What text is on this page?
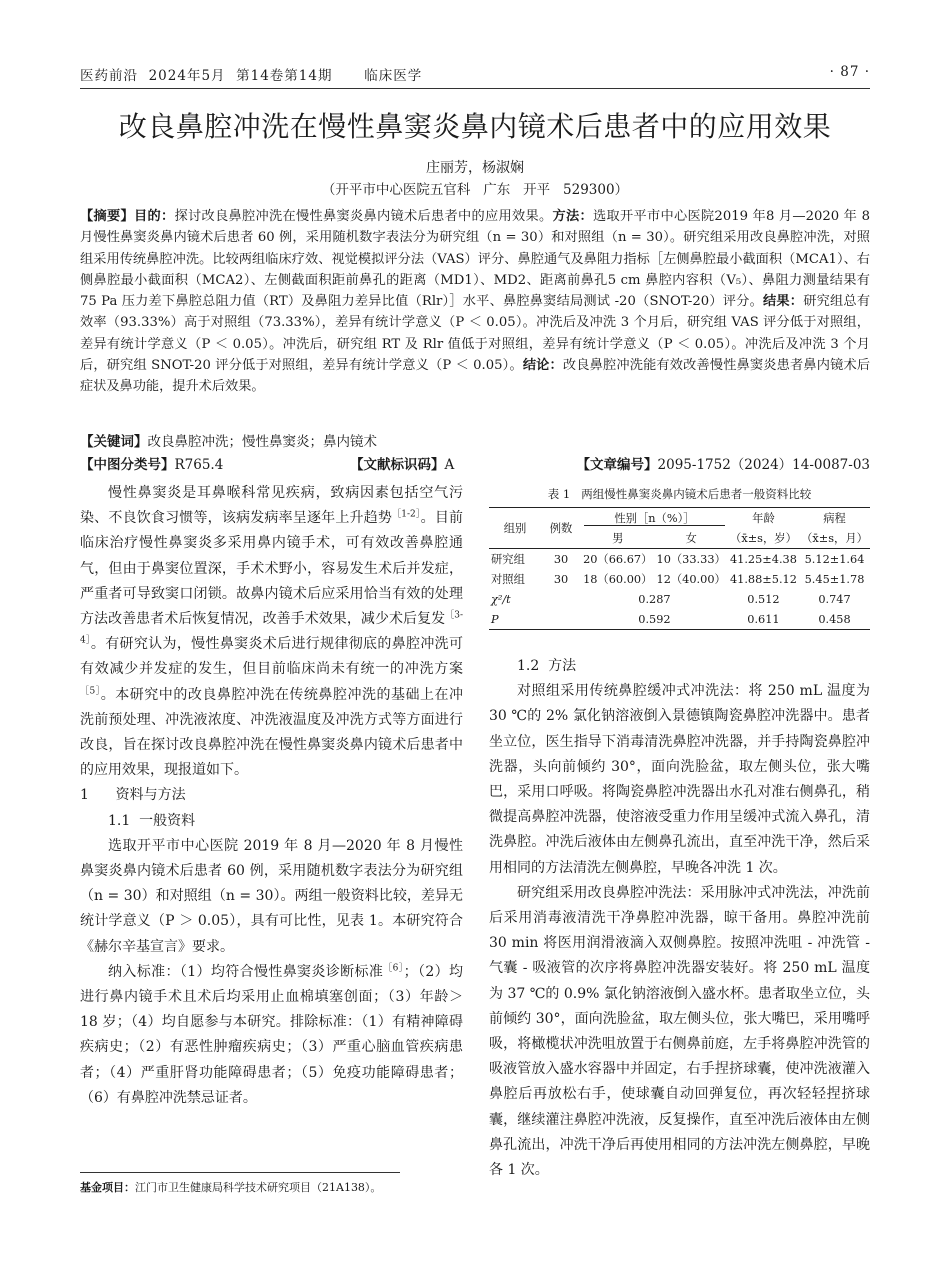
医药前沿  2024年5月  第14卷第14期      临床医学	· 87 ·
改良鼻腔冲洗在慢性鼻窦炎鼻内镜术后患者中的应用效果
庄丽芳，杨淑娴
（开平市中心医院五官科   广东   开平   529300）
【摘要】目的：探讨改良鼻腔冲洗在慢性鼻窦炎鼻内镜术后患者中的应用效果。方法：选取开平市中心医院2019 年8 月—2020 年 8 月慢性鼻窦炎鼻内镜术后患者 60 例，采用随机数字表法分为研究组（n = 30）和对照组（n = 30）。研究组采用改良鼻腔冲洗，对照组采用传统鼻腔冲洗。比较两组临床疗效、视觉模拟评分法（VAS）评分、鼻腔通气及鼻阻力指标［左侧鼻腔最小截面积（MCA1）、右侧鼻腔最小截面积（MCA2）、左侧截面积距前鼻孔的距离（MD1）、MD2、距离前鼻孔5 cm 鼻腔内容积（V₅）、鼻阻力测量结果有 75 Pa 压力差下鼻腔总阻力值（RT）及鼻阻力差异比值（Rlr）］水平、鼻腔鼻窦结局测试 -20（SNOT-20）评分。结果：研究组总有效率（93.33%）高于对照组（73.33%），差异有统计学意义（P ＜ 0.05）。冲洗后及冲洗 3 个月后，研究组 VAS 评分低于对照组，差异有统计学意义（P ＜ 0.05）。冲洗后，研究组 RT 及 Rlr 值低于对照组，差异有统计学意义（P ＜ 0.05）。冲洗后及冲洗 3 个月后，研究组 SNOT-20 评分低于对照组，差异有统计学意义（P ＜ 0.05）。结论：改良鼻腔冲洗能有效改善慢性鼻窦炎患者鼻内镜术后症状及鼻功能，提升术后效果。
【关键词】改良鼻腔冲洗；慢性鼻窦炎；鼻内镜术
【中图分类号】R765.4	【文献标识码】A	【文章编号】2095-1752（2024）14-0087-03

慢性鼻窦炎是耳鼻喉科常见疾病，致病因素包括空气污染、不良饮食习惯等，该病发病率呈逐年上升趋势$^{[1-2]}$。目前临床治疗慢性鼻窦炎多采用鼻内镜手术，可有效改善鼻腔通气，但由于鼻窦位置深，手术术野小，容易发生术后并发症，严重者可导致窦口闭锁。故鼻内镜术后应采用恰当有效的处理方法改善患者术后恢复情况，改善手术效果，减少术后复发$^{[3-4]}$。有研究认为，慢性鼻窦炎术后进行规律彻底的鼻腔冲洗可有效减少并发症的发生，但目前临床尚未有统一的冲洗方案$^{[5]}$。本研究中的改良鼻腔冲洗在传统鼻腔冲洗的基础上在冲洗前预处理、冲洗液浓度、冲洗液温度及冲洗方式等方面进行改良，旨在探讨改良鼻腔冲洗在慢性鼻窦炎鼻内镜术后患者中的应用效果，现报道如下。

1 资料与方法

1.1  一般资料

选取开平市中心医院 2019 年 8 月—2020 年 8 月慢性鼻窦炎鼻内镜术后患者 60 例，采用随机数字表法分为研究组（n = 30）和对照组（n = 30）。两组一般资料比较，差异无统计学意义（P ＞ 0.05），具有可比性，见表 1。本研究符合《赫尔辛基宣言》要求。

纳入标准：（1）均符合慢性鼻窦炎诊断标准$^{[6]}$；（2）均进行鼻内镜手术且术后均采用止血棉填塞创面；（3）年龄＞ 18 岁；（4）均自愿参与本研究。排除标准：（1）有精神障碍疾病史；（2）有恶性肿瘤疾病史；（3）严重心脑血管疾病患者；（4）严重肝肾功能障碍患者；（5）免疫功能障碍患者；（6）有鼻腔冲洗禁忌证者。

表 1   两组慢性鼻窦炎鼻内镜术后患者一般资料比较
组别	例数	性别［n（%）］		年龄	病程
		男	女	（x̄±s，岁）	（x̄±s，月）
研究组	30	20（66.67）	10（33.33）	41.25±4.38	5.12±1.64
对照组	30	18（60.00）	12（40.00）	41.88±5.12	5.45±1.78
χ²/t		0.287		0.512	0.747
P		0.592		0.611	0.458

1.2  方法

对照组采用传统鼻腔缓冲式冲洗法：将 250 mL 温度为30 ℃的 2% 氯化钠溶液倒入景德镇陶瓷鼻腔冲洗器中。患者坐立位，医生指导下消毒清洗鼻腔冲洗器，并手持陶瓷鼻腔冲洗器，头向前倾约 30°，面向洗脸盆，取左侧头位，张大嘴巴，采用口呼吸。将陶瓷鼻腔冲洗器出水孔对准右侧鼻孔，稍微提高鼻腔冲洗器，使溶液受重力作用呈缓冲式流入鼻孔，清洗鼻腔。冲洗后液体由左侧鼻孔流出，直至冲洗干净，然后采用相同的方法清洗左侧鼻腔，早晚各冲洗 1 次。

研究组采用改良鼻腔冲洗法：采用脉冲式冲洗法，冲洗前后采用消毒液清洗干净鼻腔冲洗器，晾干备用。鼻腔冲洗前 30 min 将医用润滑液滴入双侧鼻腔。按照冲洗咀 - 冲洗管 - 气囊 - 吸液管的次序将鼻腔冲洗器安装好。将 250 mL 温度为 37 ℃的 0.9% 氯化钠溶液倒入盛水杯。患者取坐立位，头前倾约 30°，面向洗脸盆，取左侧头位，张大嘴巴，采用嘴呼吸，将橄榄状冲洗咀放置于右侧鼻前庭，左手将鼻腔冲洗管的吸液管放入盛水容器中并固定，右手捏挤球囊，使冲洗液灌入鼻腔后再放松右手，使球囊自动回弹复位，再次轻轻捏挤球囊，继续灌注鼻腔冲洗液，反复操作，直至冲洗后液体由左侧鼻孔流出，冲洗干净后再使用相同的方法冲洗左侧鼻腔，早晚各 1 次。

基金项目：江门市卫生健康局科学技术研究项目（21A138）。
